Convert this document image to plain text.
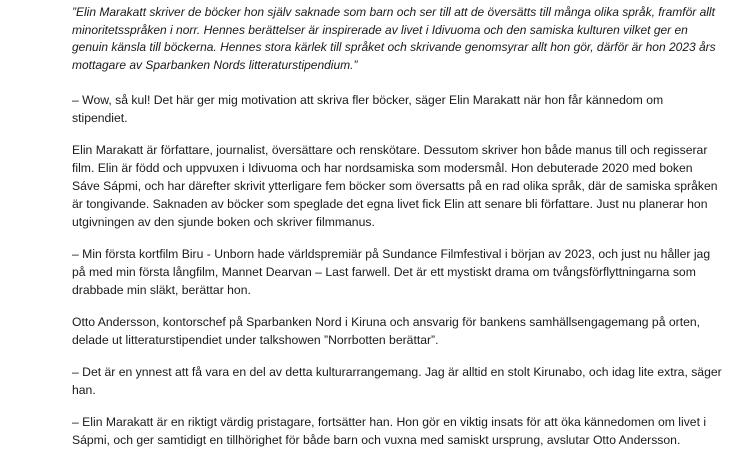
”Elin Marakatt skriver de böcker hon själv saknade som barn och ser till att de översätts till många olika språk, framför allt minoritetsspråken i norr. Hennes berättelser är inspirerade av livet i Idivuoma och den samiska kulturen vilket ger en genuin känsla till böckerna. Hennes stora kärlek till språket och skrivande genomsyrar allt hon gör, därför är hon 2023 års mottagare av Sparbanken Nords litteraturstipendium.”

– Wow, så kul! Det här ger mig motivation att skriva fler böcker, säger Elin Marakatt när hon får kännedom om stipendiet.

Elin Marakatt är författare, journalist, översättare och renskötare. Dessutom skriver hon både manus till och regisserar film. Elin är född och uppvuxen i Idivuoma och har nordsamiska som modersmål. Hon debuterade 2020 med boken Sáve Sápmi, och har därefter skrivit ytterligare fem böcker som översatts på en rad olika språk, där de samiska språken är tongivande. Saknaden av böcker som speglade det egna livet fick Elin att senare bli författare. Just nu planerar hon utgivningen av den sjunde boken och skriver filmmanus.

– Min första kortfilm Biru - Unborn hade världspremiär på Sundance Filmfestival i början av 2023, och just nu håller jag på med min första långfilm, Mannet Dearvan – Last farwell. Det är ett mystiskt drama om tvångsförflyttningarna som drabbade min släkt, berättar hon.

Otto Andersson, kontorschef på Sparbanken Nord i Kiruna och ansvarig för bankens samhällsengagemang på orten, delade ut litteraturstipendiet under talkshowen ”Norrbotten berättar”.

– Det är en ynnest att få vara en del av detta kulturarrangemang. Jag är alltid en stolt Kirunabo, och idag lite extra, säger han.

– Elin Marakatt är en riktigt värdig pristagare, fortsätter han. Hon gör en viktig insats för att öka kännedomen om livet i Sápmi, och ger samtidigt en tillhörighet för både barn och vuxna med samiskt ursprung, avslutar Otto Andersson.
